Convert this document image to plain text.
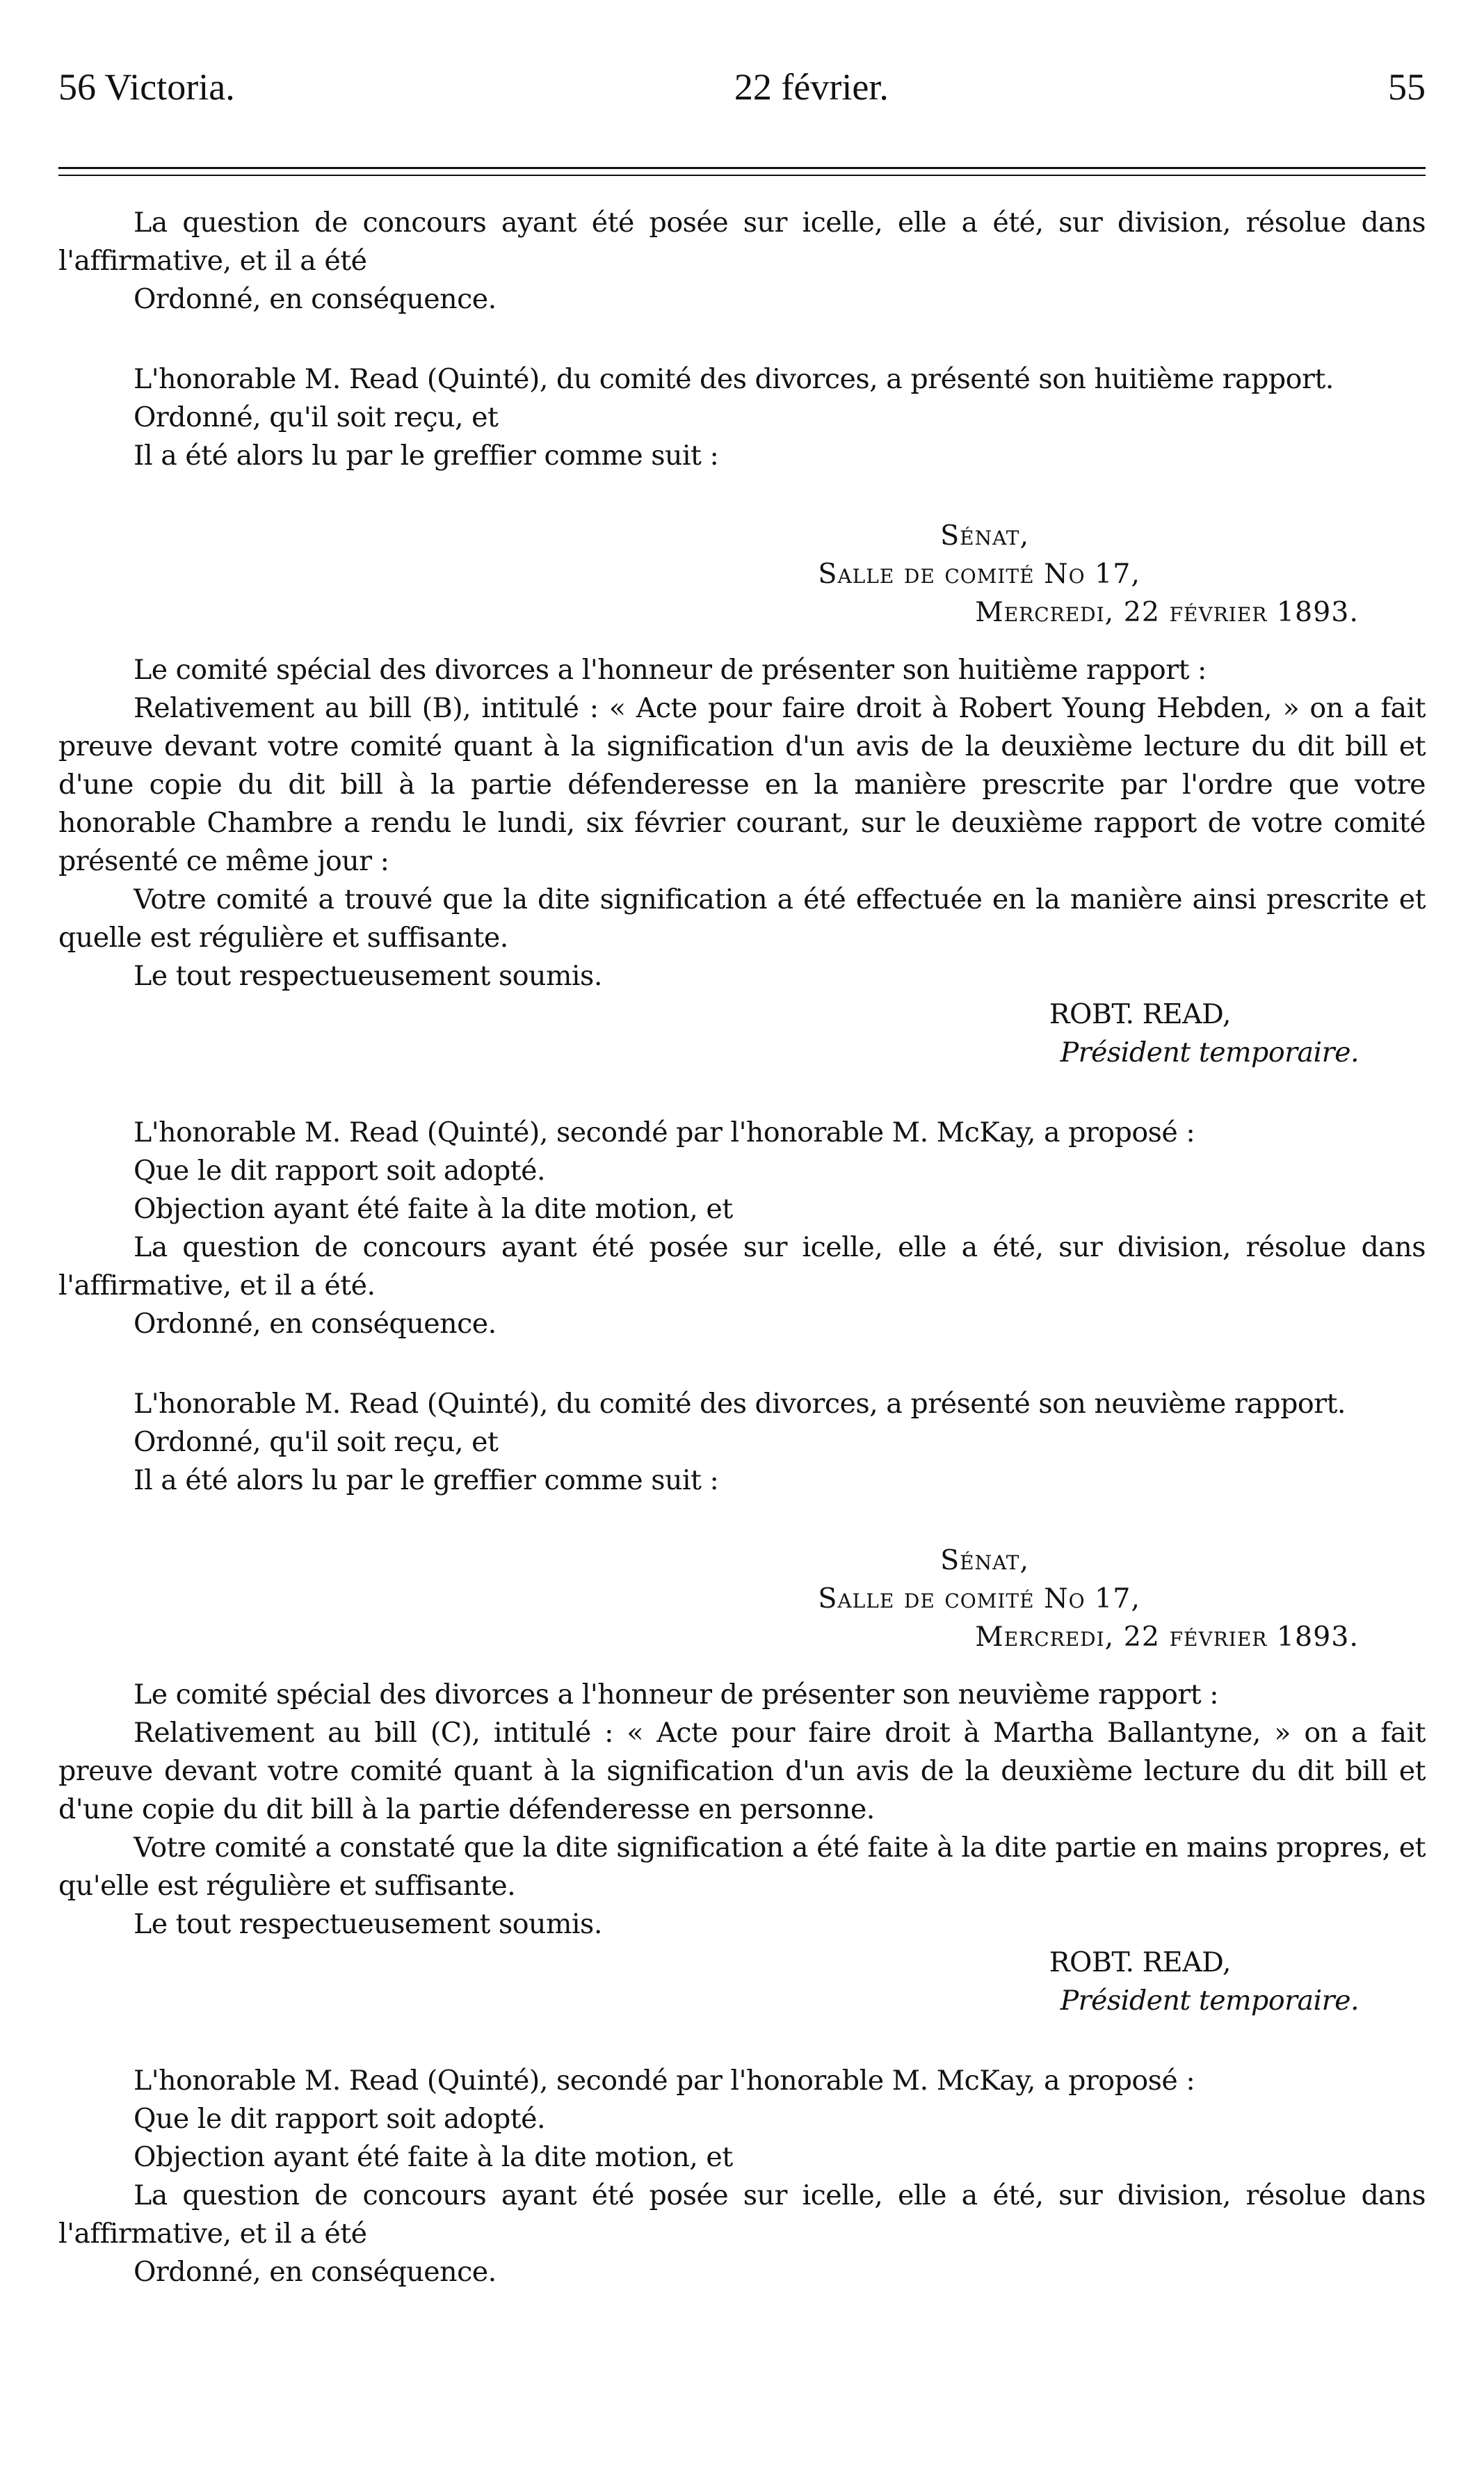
56 Victoria.	22 février.	55

La question de concours ayant été posée sur icelle, elle a été, sur division, résolue dans l'affirmative, et il a été

Ordonné, en conséquence.

L'honorable M. Read (Quinté), du comité des divorces, a présenté son huitième rapport.

Ordonné, qu'il soit reçu, et

Il a été alors lu par le greffier comme suit :

Sénat,

Salle de comité No 17,

Mercredi, 22 février 1893.

Le comité spécial des divorces a l'honneur de présenter son huitième rapport :

Relativement au bill (B), intitulé : « Acte pour faire droit à Robert Young Hebden, » on a fait preuve devant votre comité quant à la signification d'un avis de la deuxième lecture du dit bill et d'une copie du dit bill à la partie défenderesse en la manière prescrite par l'ordre que votre honorable Chambre a rendu le lundi, six février courant, sur le deuxième rapport de votre comité présenté ce même jour :

Votre comité a trouvé que la dite signification a été effectuée en la manière ainsi prescrite et quelle est régulière et suffisante.

Le tout respectueusement soumis.

ROBT. READ,

Président temporaire.

L'honorable M. Read (Quinté), secondé par l'honorable M. McKay, a proposé :

Que le dit rapport soit adopté.

Objection ayant été faite à la dite motion, et

La question de concours ayant été posée sur icelle, elle a été, sur division, résolue dans l'affirmative, et il a été.

Ordonné, en conséquence.

L'honorable M. Read (Quinté), du comité des divorces, a présenté son neuvième rapport.

Ordonné, qu'il soit reçu, et

Il a été alors lu par le greffier comme suit :

Sénat,

Salle de comité No 17,

Mercredi, 22 février 1893.

Le comité spécial des divorces a l'honneur de présenter son neuvième rapport :

Relativement au bill (C), intitulé : « Acte pour faire droit à Martha Ballantyne, » on a fait preuve devant votre comité quant à la signification d'un avis de la deuxième lecture du dit bill et d'une copie du dit bill à la partie défenderesse en personne.

Votre comité a constaté que la dite signification a été faite à la dite partie en mains propres, et qu'elle est régulière et suffisante.

Le tout respectueusement soumis.

ROBT. READ,

Président temporaire.

L'honorable M. Read (Quinté), secondé par l'honorable M. McKay, a proposé :

Que le dit rapport soit adopté.

Objection ayant été faite à la dite motion, et

La question de concours ayant été posée sur icelle, elle a été, sur division, résolue dans l'affirmative, et il a été

Ordonné, en conséquence.
